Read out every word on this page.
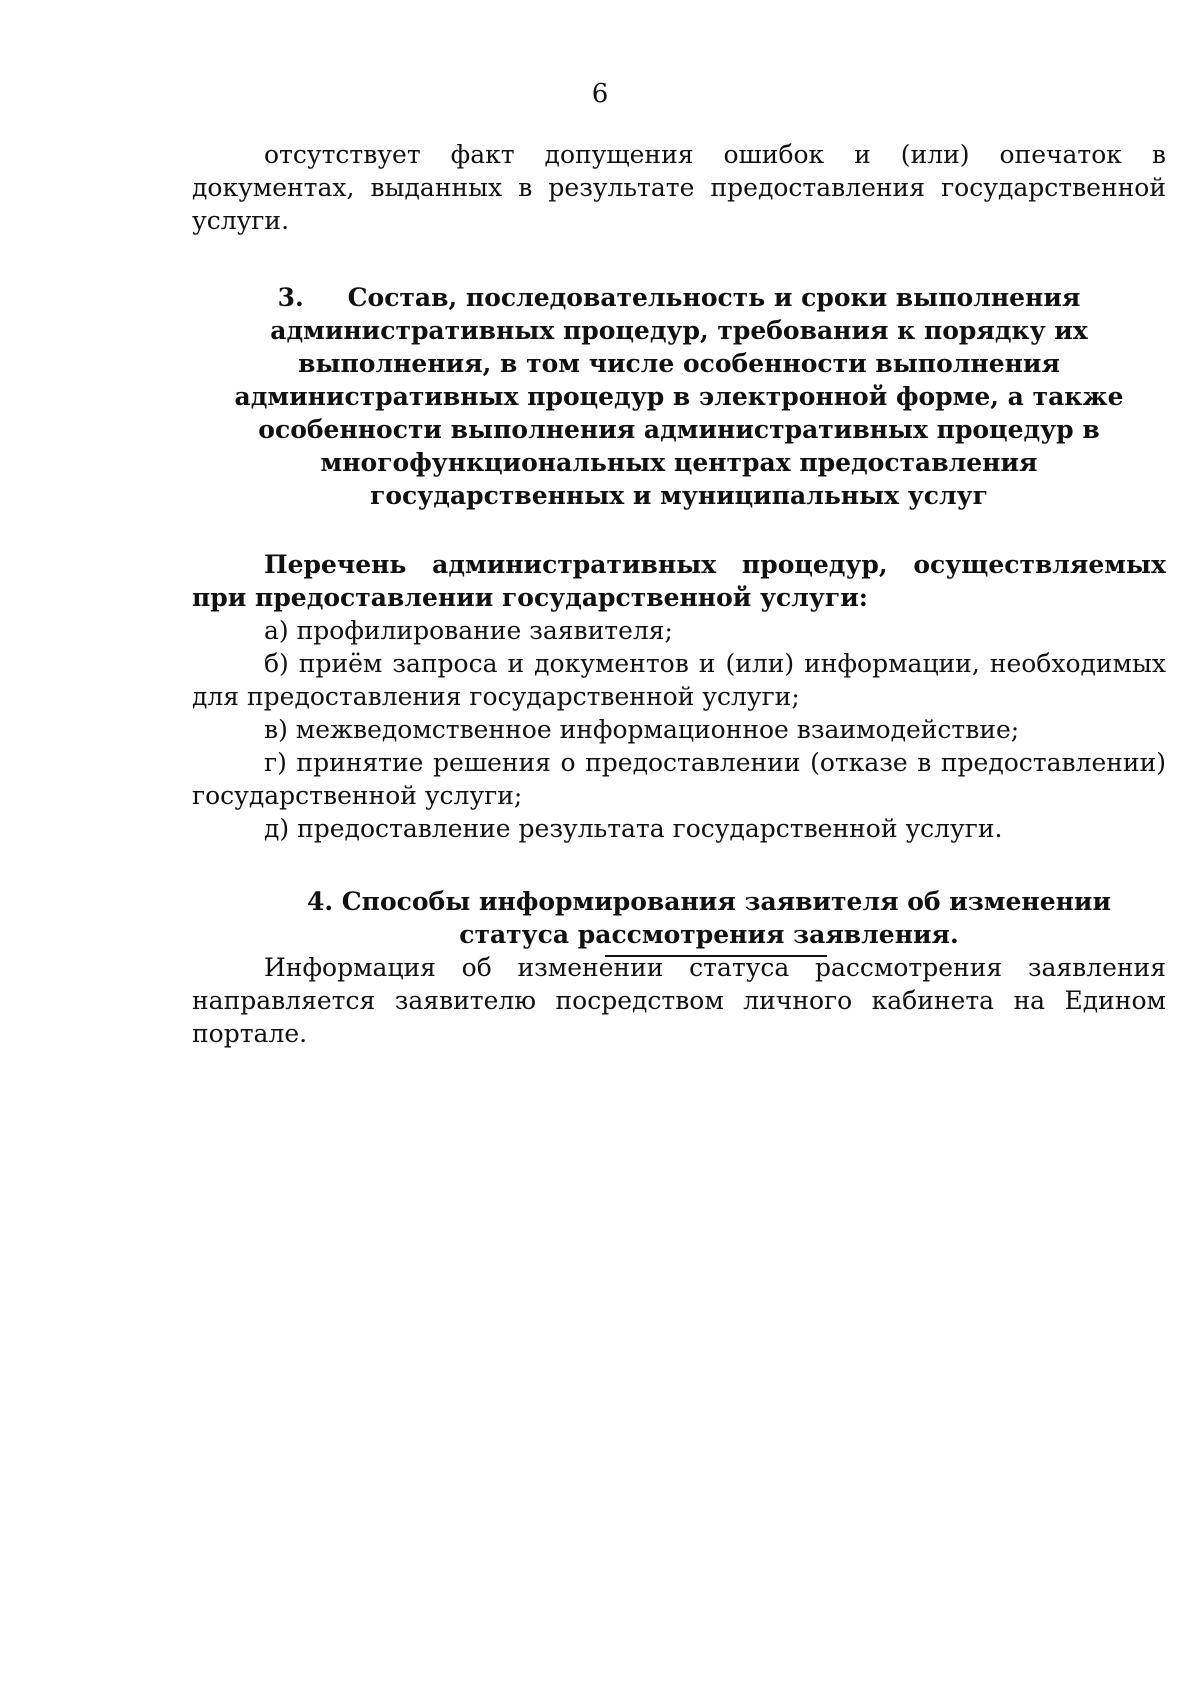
6

отсутствует факт допущения ошибок и (или) опечаток в документах, выданных в результате предоставления государственной услуги.

3. Состав, последовательность и сроки выполнения административных процедур, требования к порядку их выполнения, в том числе особенности выполнения административных процедур в электронной форме, а также особенности выполнения административных процедур в многофункциональных центрах предоставления государственных и муниципальных услуг

Перечень административных процедур, осуществляемых при предоставлении государственной услуги:

а) профилирование заявителя;

б) приём запроса и документов и (или) информации, необходимых для предоставления государственной услуги;

в) межведомственное информационное взаимодействие;

г) принятие решения о предоставлении (отказе в предоставлении) государственной услуги;

д) предоставление результата государственной услуги.

4. Способы информирования заявителя об изменении статуса рассмотрения заявления.

Информация об изменении статуса рассмотрения заявления направляется заявителю посредством личного кабинета на Едином портале.
